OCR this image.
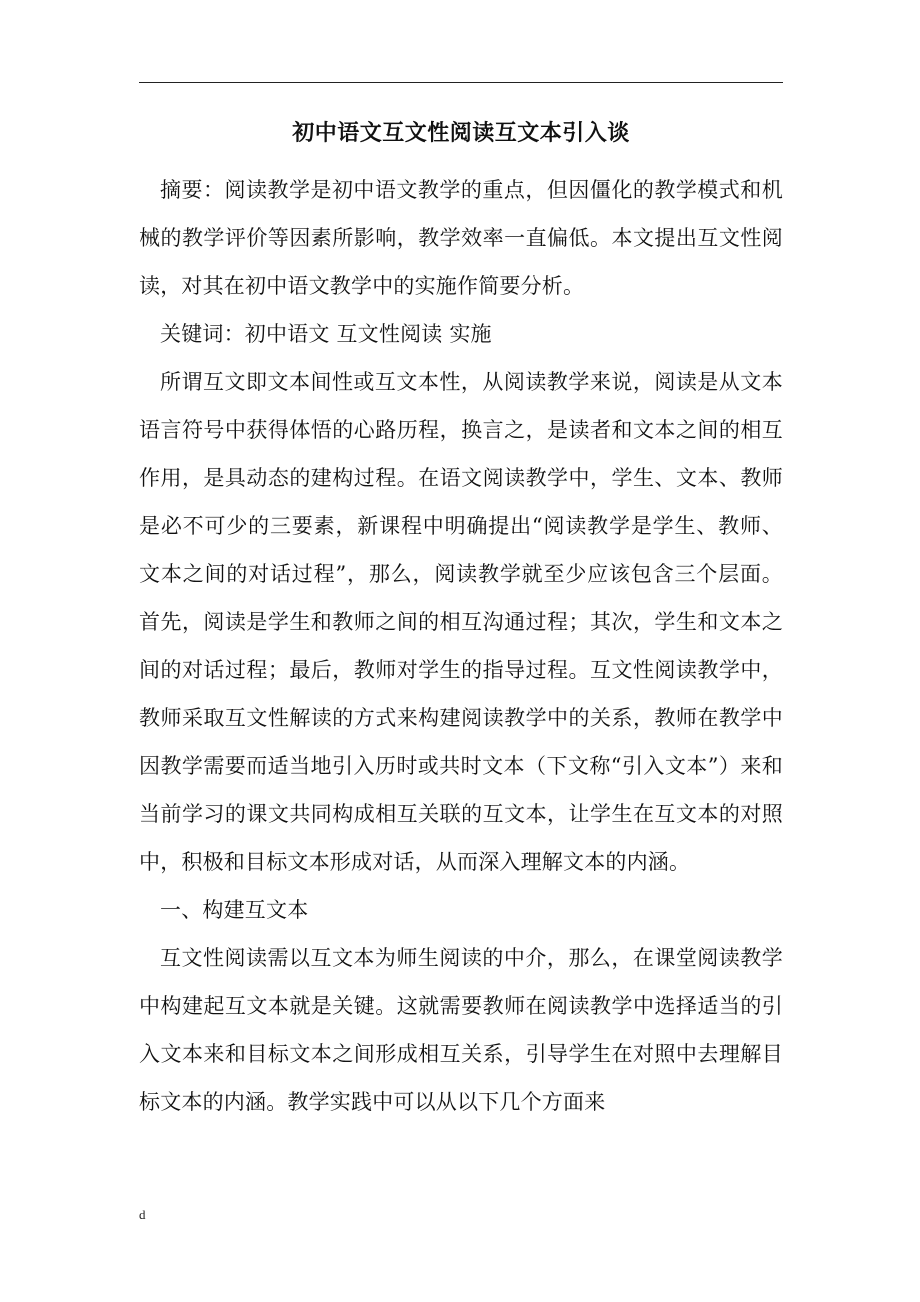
初中语文互文性阅读互文本引入谈

摘要：阅读教学是初中语文教学的重点，但因僵化的教学模式和机械的教学评价等因素所影响，教学效率一直偏低。本文提出互文性阅读，对其在初中语文教学中的实施作简要分析。

关键词：初中语文 互文性阅读 实施

所谓互文即文本间性或互文本性，从阅读教学来说，阅读是从文本语言符号中获得体悟的心路历程，换言之，是读者和文本之间的相互作用，是具动态的建构过程。在语文阅读教学中，学生、文本、教师是必不可少的三要素，新课程中明确提出“阅读教学是学生、教师、文本之间的对话过程”，那么，阅读教学就至少应该包含三个层面。首先，阅读是学生和教师之间的相互沟通过程；其次，学生和文本之间的对话过程；最后，教师对学生的指导过程。互文性阅读教学中，教师采取互文性解读的方式来构建阅读教学中的关系，教师在教学中因教学需要而适当地引入历时或共时文本（下文称“引入文本”）来和当前学习的课文共同构成相互关联的互文本，让学生在互文本的对照中，积极和目标文本形成对话，从而深入理解文本的内涵。

一、构建互文本

互文性阅读需以互文本为师生阅读的中介，那么，在课堂阅读教学中构建起互文本就是关键。这就需要教师在阅读教学中选择适当的引入文本来和目标文本之间形成相互关系，引导学生在对照中去理解目标文本的内涵。教学实践中可以从以下几个方面来

d
